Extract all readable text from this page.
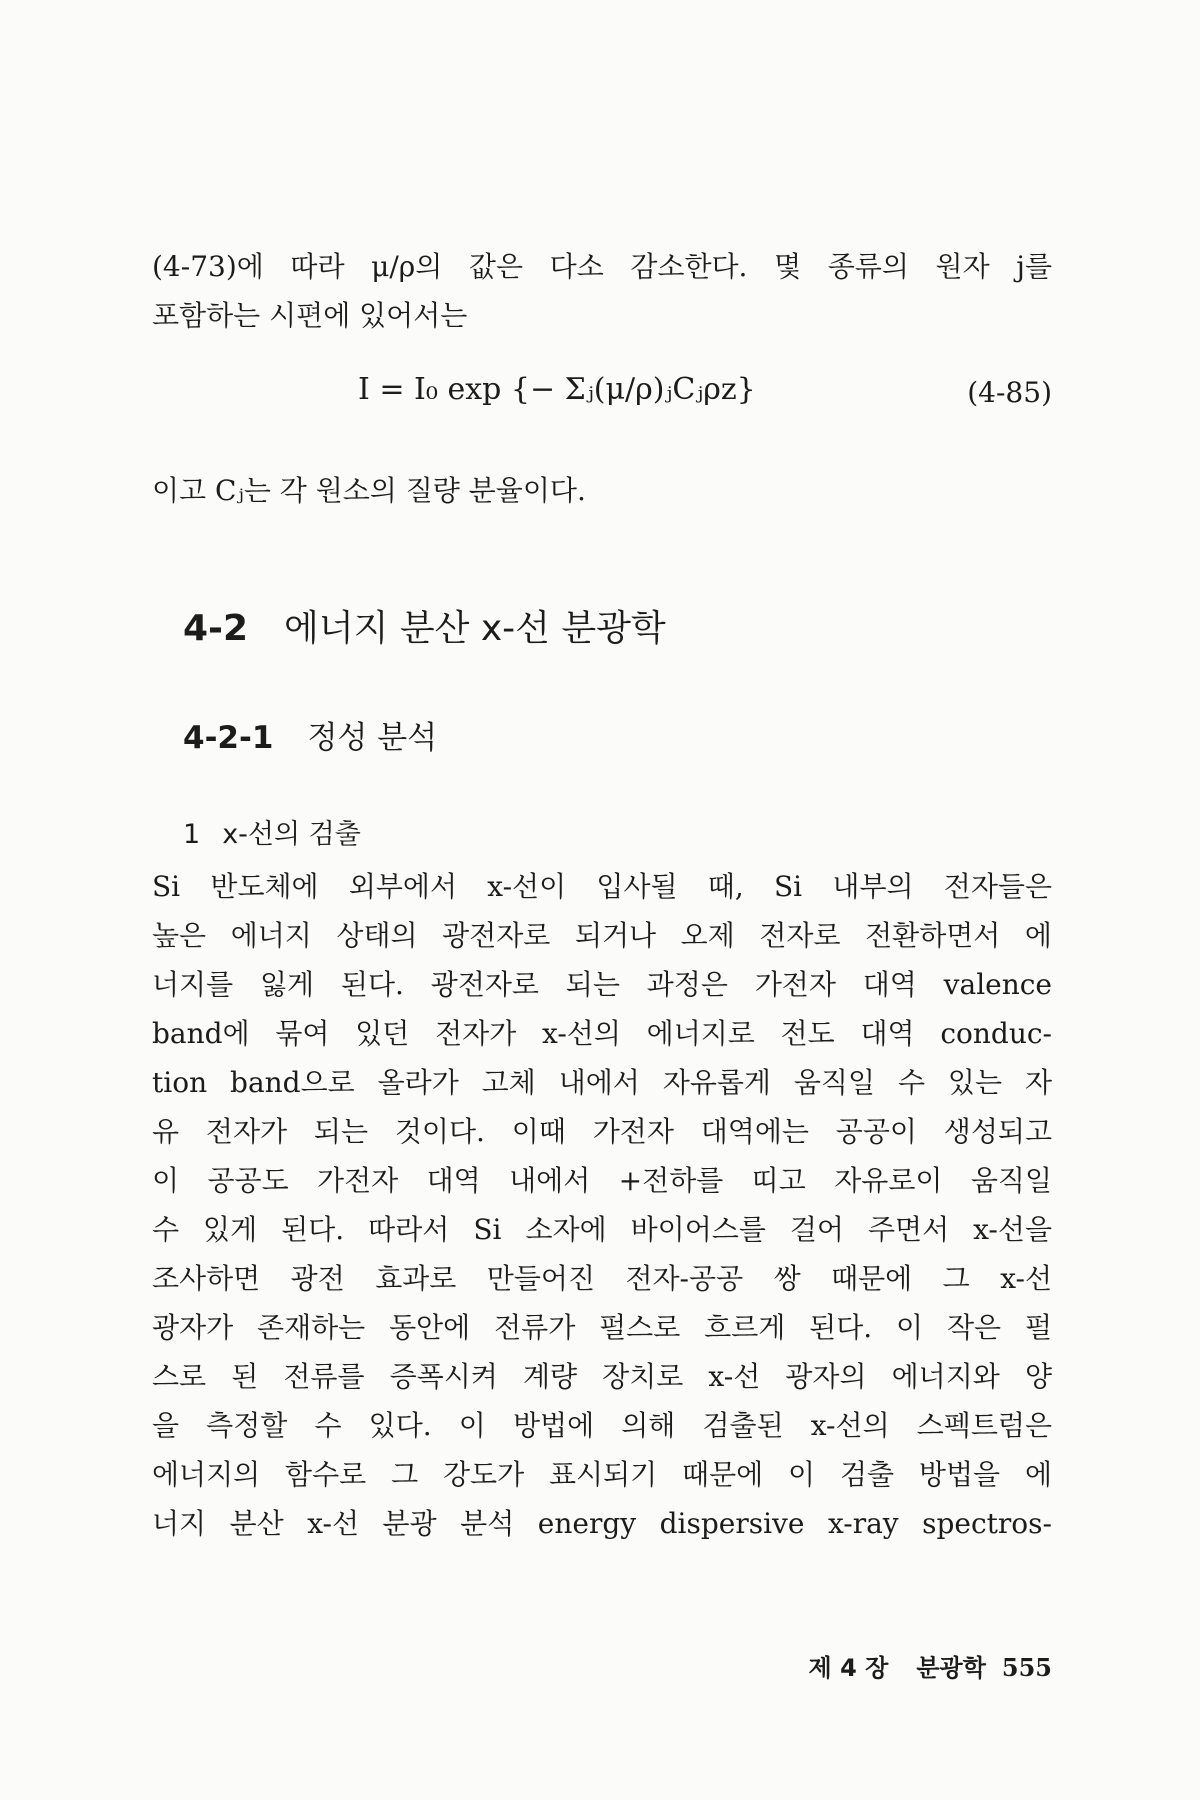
(4-73)에 따라 μ/ρ의 값은 다소 감소한다. 몇 종류의 원자 j를
포함하는 시편에 있어서는

I = I₀ exp {− Σⱼ(μ/ρ)ⱼCⱼρz}	(4-85)

이고 Cⱼ는 각 원소의 질량 분율이다.

4-2 에너지 분산 x-선 분광학
4-2-1 정성 분석
1 x-선의 검출

Si 반도체에 외부에서 x-선이 입사될 때, Si 내부의 전자들은
높은 에너지 상태의 광전자로 되거나 오제 전자로 전환하면서 에
너지를 잃게 된다. 광전자로 되는 과정은 가전자 대역 valence
band에 묶여 있던 전자가 x-선의 에너지로 전도 대역 conduc-
tion band으로 올라가 고체 내에서 자유롭게 움직일 수 있는 자
유 전자가 되는 것이다. 이때 가전자 대역에는 공공이 생성되고
이 공공도 가전자 대역 내에서 +전하를 띠고 자유로이 움직일
수 있게 된다. 따라서 Si 소자에 바이어스를 걸어 주면서 x-선을
조사하면 광전 효과로 만들어진 전자-공공 쌍 때문에 그 x-선
광자가 존재하는 동안에 전류가 펄스로 흐르게 된다. 이 작은 펄
스로 된 전류를 증폭시켜 계량 장치로 x-선 광자의 에너지와 양
을 측정할 수 있다. 이 방법에 의해 검출된 x-선의 스펙트럼은
에너지의 함수로 그 강도가 표시되기 때문에 이 검출 방법을 에
너지 분산 x-선 분광 분석 energy dispersive x-ray spectros-

제 4 장 분광학 555
